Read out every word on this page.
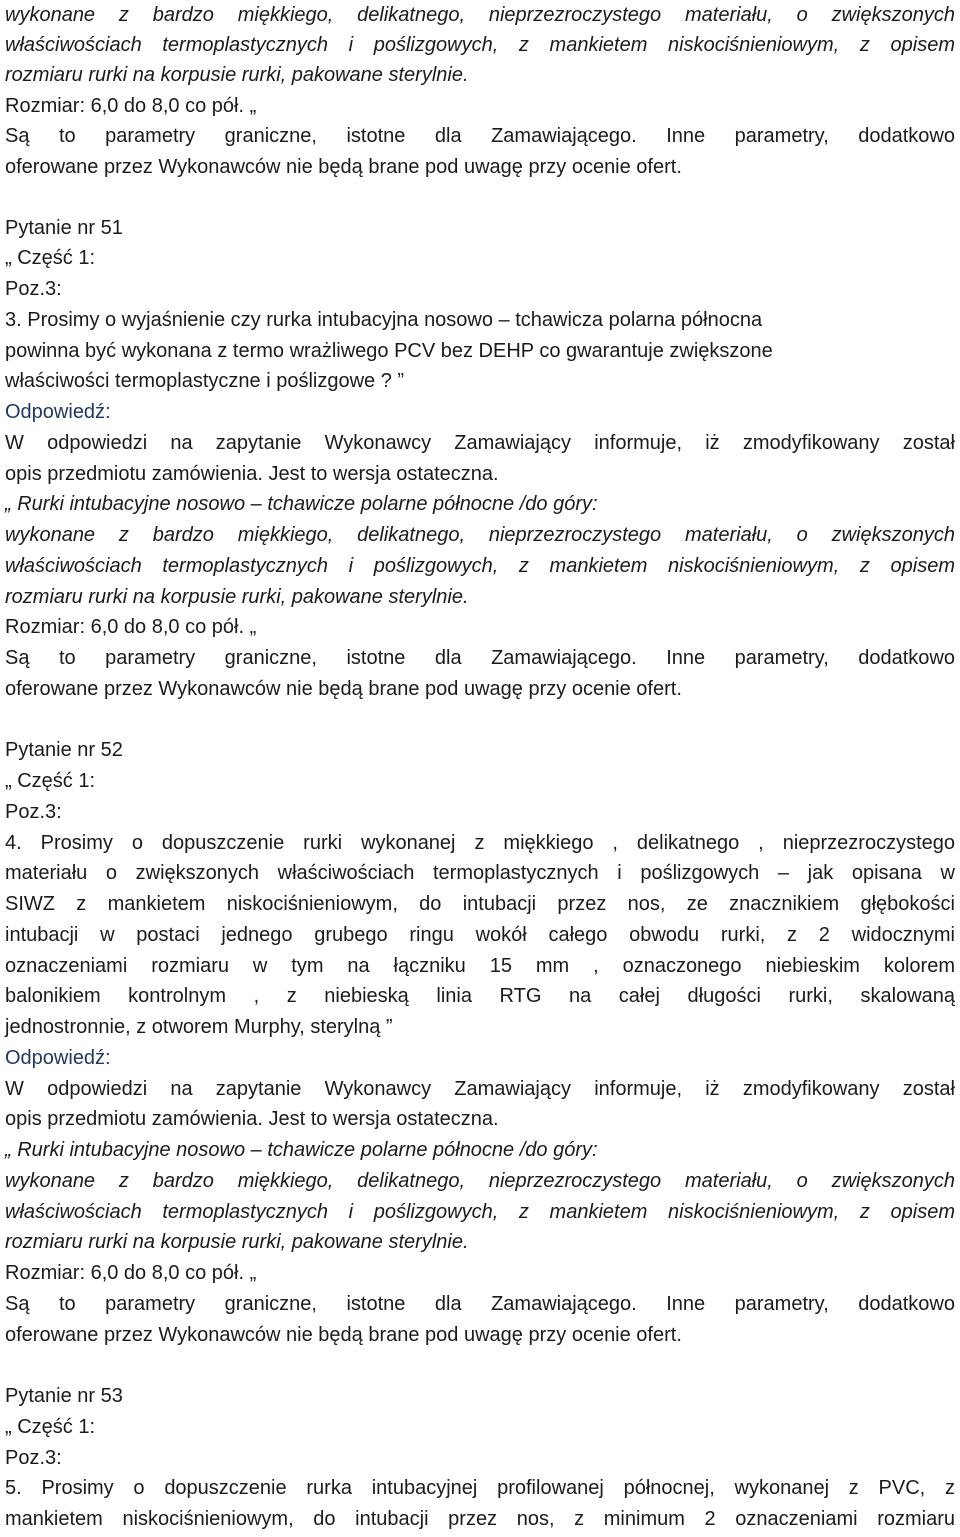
wykonane z bardzo miękkiego, delikatnego, nieprzezroczystego materiału, o zwiększonych
właściwościach termoplastycznych i poślizgowych, z mankietem niskociśnieniowym, z opisem
rozmiaru rurki na korpusie rurki, pakowane sterylnie.
Rozmiar: 6,0 do 8,0 co pół. „
Są to parametry graniczne, istotne dla Zamawiającego. Inne parametry, dodatkowo
oferowane przez Wykonawców nie będą brane pod uwagę przy ocenie ofert.
Pytanie nr 51
„ Część 1:
Poz.3:
3. Prosimy o wyjaśnienie czy rurka intubacyjna nosowo – tchawicza polarna północna
powinna być wykonana z termo wrażliwego PCV bez DEHP co gwarantuje zwiększone
właściwości termoplastyczne i poślizgowe ? ”
Odpowiedź:
W odpowiedzi na zapytanie Wykonawcy Zamawiający informuje, iż zmodyfikowany został
opis przedmiotu zamówienia. Jest to wersja ostateczna.
„ Rurki intubacyjne nosowo – tchawicze polarne północne /do góry:
wykonane z bardzo miękkiego, delikatnego, nieprzezroczystego materiału, o zwiększonych
właściwościach termoplastycznych i poślizgowych, z mankietem niskociśnieniowym, z opisem
rozmiaru rurki na korpusie rurki, pakowane sterylnie.
Rozmiar: 6,0 do 8,0 co pół. „
Są to parametry graniczne, istotne dla Zamawiającego. Inne parametry, dodatkowo
oferowane przez Wykonawców nie będą brane pod uwagę przy ocenie ofert.
Pytanie nr 52
„ Część 1:
Poz.3:
4. Prosimy o dopuszczenie rurki wykonanej z miękkiego , delikatnego , nieprzezroczystego
materiału o zwiększonych właściwościach termoplastycznych i poślizgowych – jak opisana w
SIWZ z mankietem niskociśnieniowym, do intubacji przez nos, ze znacznikiem głębokości
intubacji w postaci jednego grubego ringu wokół całego obwodu rurki, z 2 widocznymi
oznaczeniami rozmiaru w tym na łączniku 15 mm , oznaczonego niebieskim kolorem
balonikiem kontrolnym , z niebieską linia RTG na całej długości rurki, skalowaną
jednostronnie, z otworem Murphy, sterylną ”
Odpowiedź:
W odpowiedzi na zapytanie Wykonawcy Zamawiający informuje, iż zmodyfikowany został
opis przedmiotu zamówienia. Jest to wersja ostateczna.
„ Rurki intubacyjne nosowo – tchawicze polarne północne /do góry:
wykonane z bardzo miękkiego, delikatnego, nieprzezroczystego materiału, o zwiększonych
właściwościach termoplastycznych i poślizgowych, z mankietem niskociśnieniowym, z opisem
rozmiaru rurki na korpusie rurki, pakowane sterylnie.
Rozmiar: 6,0 do 8,0 co pół. „
Są to parametry graniczne, istotne dla Zamawiającego. Inne parametry, dodatkowo
oferowane przez Wykonawców nie będą brane pod uwagę przy ocenie ofert.
Pytanie nr 53
„ Część 1:
Poz.3:
5. Prosimy o dopuszczenie rurka intubacyjnej profilowanej północnej, wykonanej z PVC, z
mankietem niskociśnieniowym, do intubacji przez nos, z minimum 2 oznaczeniami rozmiaru
